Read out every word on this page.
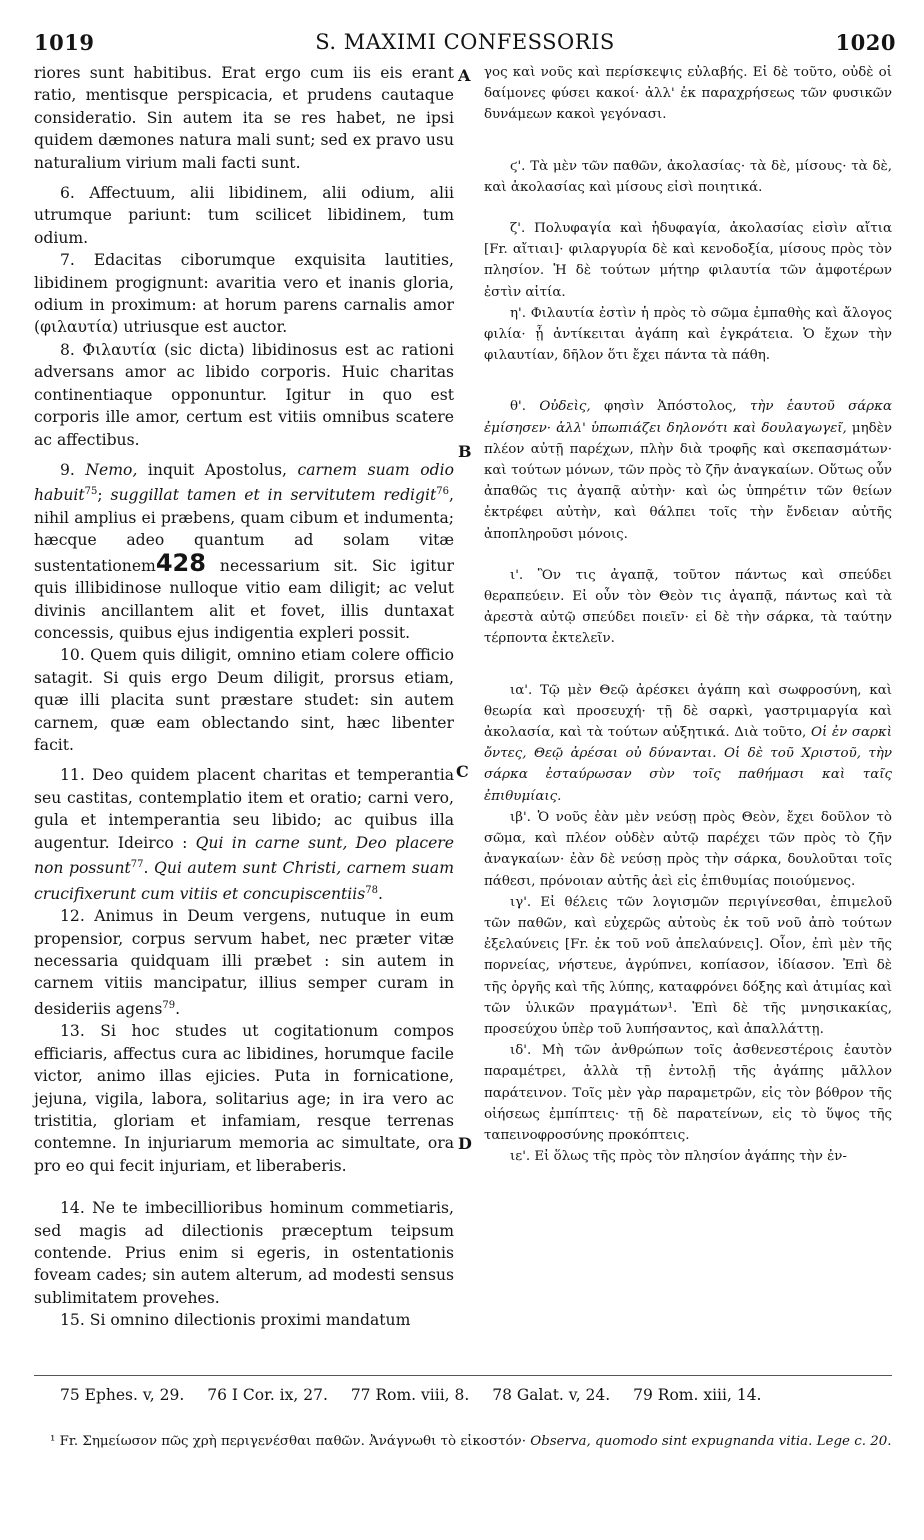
1019	S. MAXIMI CONFESSORIS	1020

riores sunt habitibus. Erat ergo cum iis eis erant ratio, mentisque perspicacia, et prudens cautaque consideratio. Sin autem ita se res habet, ne ipsi quidem dæmones natura mali sunt; sed ex pravo usu naturalium virium mali facti sunt.

6. Affectuum, alii libidinem, alii odium, alii utrumque pariunt: tum scilicet libidinem, tum odium.

7. Edacitas ciborumque exquisita lautities, libidinem progignunt: avaritia vero et inanis gloria, odium in proximum: at horum parens carnalis amor (φιλαυτία) utriusque est auctor.

8. Φιλαυτία (sic dicta) libidinosus est ac rationi adversans amor ac libido corporis. Huic charitas continentiaque opponuntur. Igitur in quo est corporis ille amor, certum est vitiis omnibus scatere ac affectibus.

9. Nemo, inquit Apostolus, carnem suam odio habuit$^{75}$; suggillat tamen et in servitutem redigit$^{76}$, nihil amplius ei præbens, quam cibum et indumenta; hæcque adeo quantum ad solam vitæ sustentationem428 necessarium sit. Sic igitur quis illibidinose nulloque vitio eam diligit; ac velut divinis ancillantem alit et fovet, illis duntaxat concessis, quibus ejus indigentia expleri possit.

10. Quem quis diligit, omnino etiam colere officio satagit. Si quis ergo Deum diligit, prorsus etiam, quæ illi placita sunt præstare studet: sin autem carnem, quæ eam oblectando sint, hæc libenter facit.

11. Deo quidem placent charitas et temperantia seu castitas, contemplatio item et oratio; carni vero, gula et intemperantia seu libido; ac quibus illa augentur. Ideirco : Qui in carne sunt, Deo placere non possunt$^{77}$. Qui autem sunt Christi, carnem suam crucifixerunt cum vitiis et concupiscentiis$^{78}$.

12. Animus in Deum vergens, nutuque in eum propensior, corpus servum habet, nec præter vitæ necessaria quidquam illi præbet : sin autem in carnem vitiis mancipatur, illius semper curam in desideriis agens$^{79}$.

13. Si hoc studes ut cogitationum compos efficiaris, affectus cura ac libidines, horumque facile victor, animo illas ejicies. Puta in fornicatione, jejuna, vigila, labora, solitarius age; in ira vero ac tristitia, gloriam et infamiam, resque terrenas contemne. In injuriarum memoria ac simultate, ora pro eo qui fecit injuriam, et liberaberis.

14. Ne te imbecillioribus hominum commetiaris, sed magis ad dilectionis præceptum teipsum contende. Prius enim si egeris, in ostentationis foveam cades; sin autem alterum, ad modesti sensus sublimitatem provehes.

15. Si omnino dilectionis proximi mandatum

A
B
C
D

γος καὶ νοῦς καὶ περίσκεψις εὐλαβής. Εἰ δὲ τοῦτο, οὐδὲ οἱ δαίμονες φύσει κακοί· ἀλλ' ἐκ παραχρήσεως τῶν φυσικῶν δυνάμεων κακοὶ γεγόνασι.

ϛ'. Τὰ μὲν τῶν παθῶν, ἀκολασίας· τὰ δὲ, μίσους· τὰ δὲ, καὶ ἀκολασίας καὶ μίσους εἰσὶ ποιητικά.

ζ'. Πολυφαγία καὶ ἡδυφαγία, ἀκολασίας εἰσὶν αἴτια [Fr. αἴτιαι]· φιλαργυρία δὲ καὶ κενοδοξία, μίσους πρὸς τὸν πλησίον. Ἡ δὲ τούτων μήτηρ φιλαυτία τῶν ἀμφοτέρων ἐστὶν αἰτία.

η'. Φιλαυτία ἐστὶν ἡ πρὸς τὸ σῶμα ἐμπαθὴς καὶ ἄλογος φιλία· ᾗ ἀντίκειται ἀγάπη καὶ ἐγκράτεια. Ὁ ἔχων τὴν φιλαυτίαν, δῆλον ὅτι ἔχει πάντα τὰ πάθη.

θ'. Οὐδεὶς, φησὶν Ἀπόστολος, τὴν ἑαυτοῦ σάρκα ἐμίσησεν· ἀλλ' ὑπωπιάζει δηλονότι καὶ δουλαγωγεῖ, μηδὲν πλέον αὐτῇ παρέχων, πλὴν διὰ τροφῆς καὶ σκεπασμάτων· καὶ τούτων μόνων, τῶν πρὸς τὸ ζῆν ἀναγκαίων. Οὕτως οὖν ἀπαθῶς τις ἀγαπᾷ αὐτὴν· καὶ ὡς ὑπηρέτιν τῶν θείων ἐκτρέφει αὐτὴν, καὶ θάλπει τοῖς τὴν ἔνδειαν αὐτῆς ἀποπληροῦσι μόνοις.

ι'. Ὃν τις ἀγαπᾷ, τοῦτον πάντως καὶ σπεύδει θεραπεύειν. Εἰ οὖν τὸν Θεὸν τις ἀγαπᾷ, πάντως καὶ τὰ ἀρεστὰ αὐτῷ σπεύδει ποιεῖν· εἰ δὲ τὴν σάρκα, τὰ ταύτην τέρποντα ἐκτελεῖν.

ια'. Τῷ μὲν Θεῷ ἀρέσκει ἀγάπη καὶ σωφροσύνη, καὶ θεωρία καὶ προσευχή· τῇ δὲ σαρκὶ, γαστριμαργία καὶ ἀκολασία, καὶ τὰ τούτων αὐξητικά. Διὰ τοῦτο, Οἱ ἐν σαρκὶ ὄντες, Θεῷ ἀρέσαι οὐ δύνανται. Οἱ δὲ τοῦ Χριστοῦ, τὴν σάρκα ἐσταύρωσαν σὺν τοῖς παθήμασι καὶ ταῖς ἐπιθυμίαις.

ιβ'. Ὁ νοῦς ἐὰν μὲν νεύσῃ πρὸς Θεὸν, ἔχει δοῦλον τὸ σῶμα, καὶ πλέον οὐδὲν αὐτῷ παρέχει τῶν πρὸς τὸ ζῆν ἀναγκαίων· ἐὰν δὲ νεύσῃ πρὸς τὴν σάρκα, δουλοῦται τοῖς πάθεσι, πρόνοιαν αὐτῆς ἀεὶ εἰς ἐπιθυμίας ποιούμενος.

ιγ'. Εἰ θέλεις τῶν λογισμῶν περιγίνεσθαι, ἐπιμελοῦ τῶν παθῶν, καὶ εὐχερῶς αὐτοὺς ἐκ τοῦ νοῦ ἀπὸ τούτων ἐξελαύνεις [Fr. ἐκ τοῦ νοῦ ἀπελαύνεις]. Οἷον, ἐπὶ μὲν τῆς πορνείας, νήστευε, ἀγρύπνει, κοπίασον, ἰδίασον. Ἐπὶ δὲ τῆς ὀργῆς καὶ τῆς λύπης, καταφρόνει δόξης καὶ ἀτιμίας καὶ τῶν ὑλικῶν πραγμάτων¹. Ἐπὶ δὲ τῆς μνησικακίας, προσεύχου ὑπὲρ τοῦ λυπήσαντος, καὶ ἀπαλλάττῃ.

ιδ'. Μὴ τῶν ἀνθρώπων τοῖς ἀσθενεστέροις ἑαυτὸν παραμέτρει, ἀλλὰ τῇ ἐντολῇ τῆς ἀγάπης μᾶλλον παράτεινον. Τοῖς μὲν γὰρ παραμετρῶν, εἰς τὸν βόθρον τῆς οἰήσεως ἐμπίπτεις· τῇ δὲ παρατείνων, εἰς τὸ ὕψος τῆς ταπεινοφροσύνης προκόπτεις.

ιε'. Εἰ ὅλως τῆς πρὸς τὸν πλησίον ἀγάπης τὴν ἐν-

75 Ephes. v, 29. 76 I Cor. ix, 27. 77 Rom. viii, 8. 78 Galat. v, 24. 79 Rom. xiii, 14.
¹ Fr. Σημείωσον πῶς χρὴ περιγενέσθαι παθῶν. Ἀνάγνωθι τὸ εἰκοστόν· Observa, quomodo sint expugnanda vitia. Lege c. 20.
